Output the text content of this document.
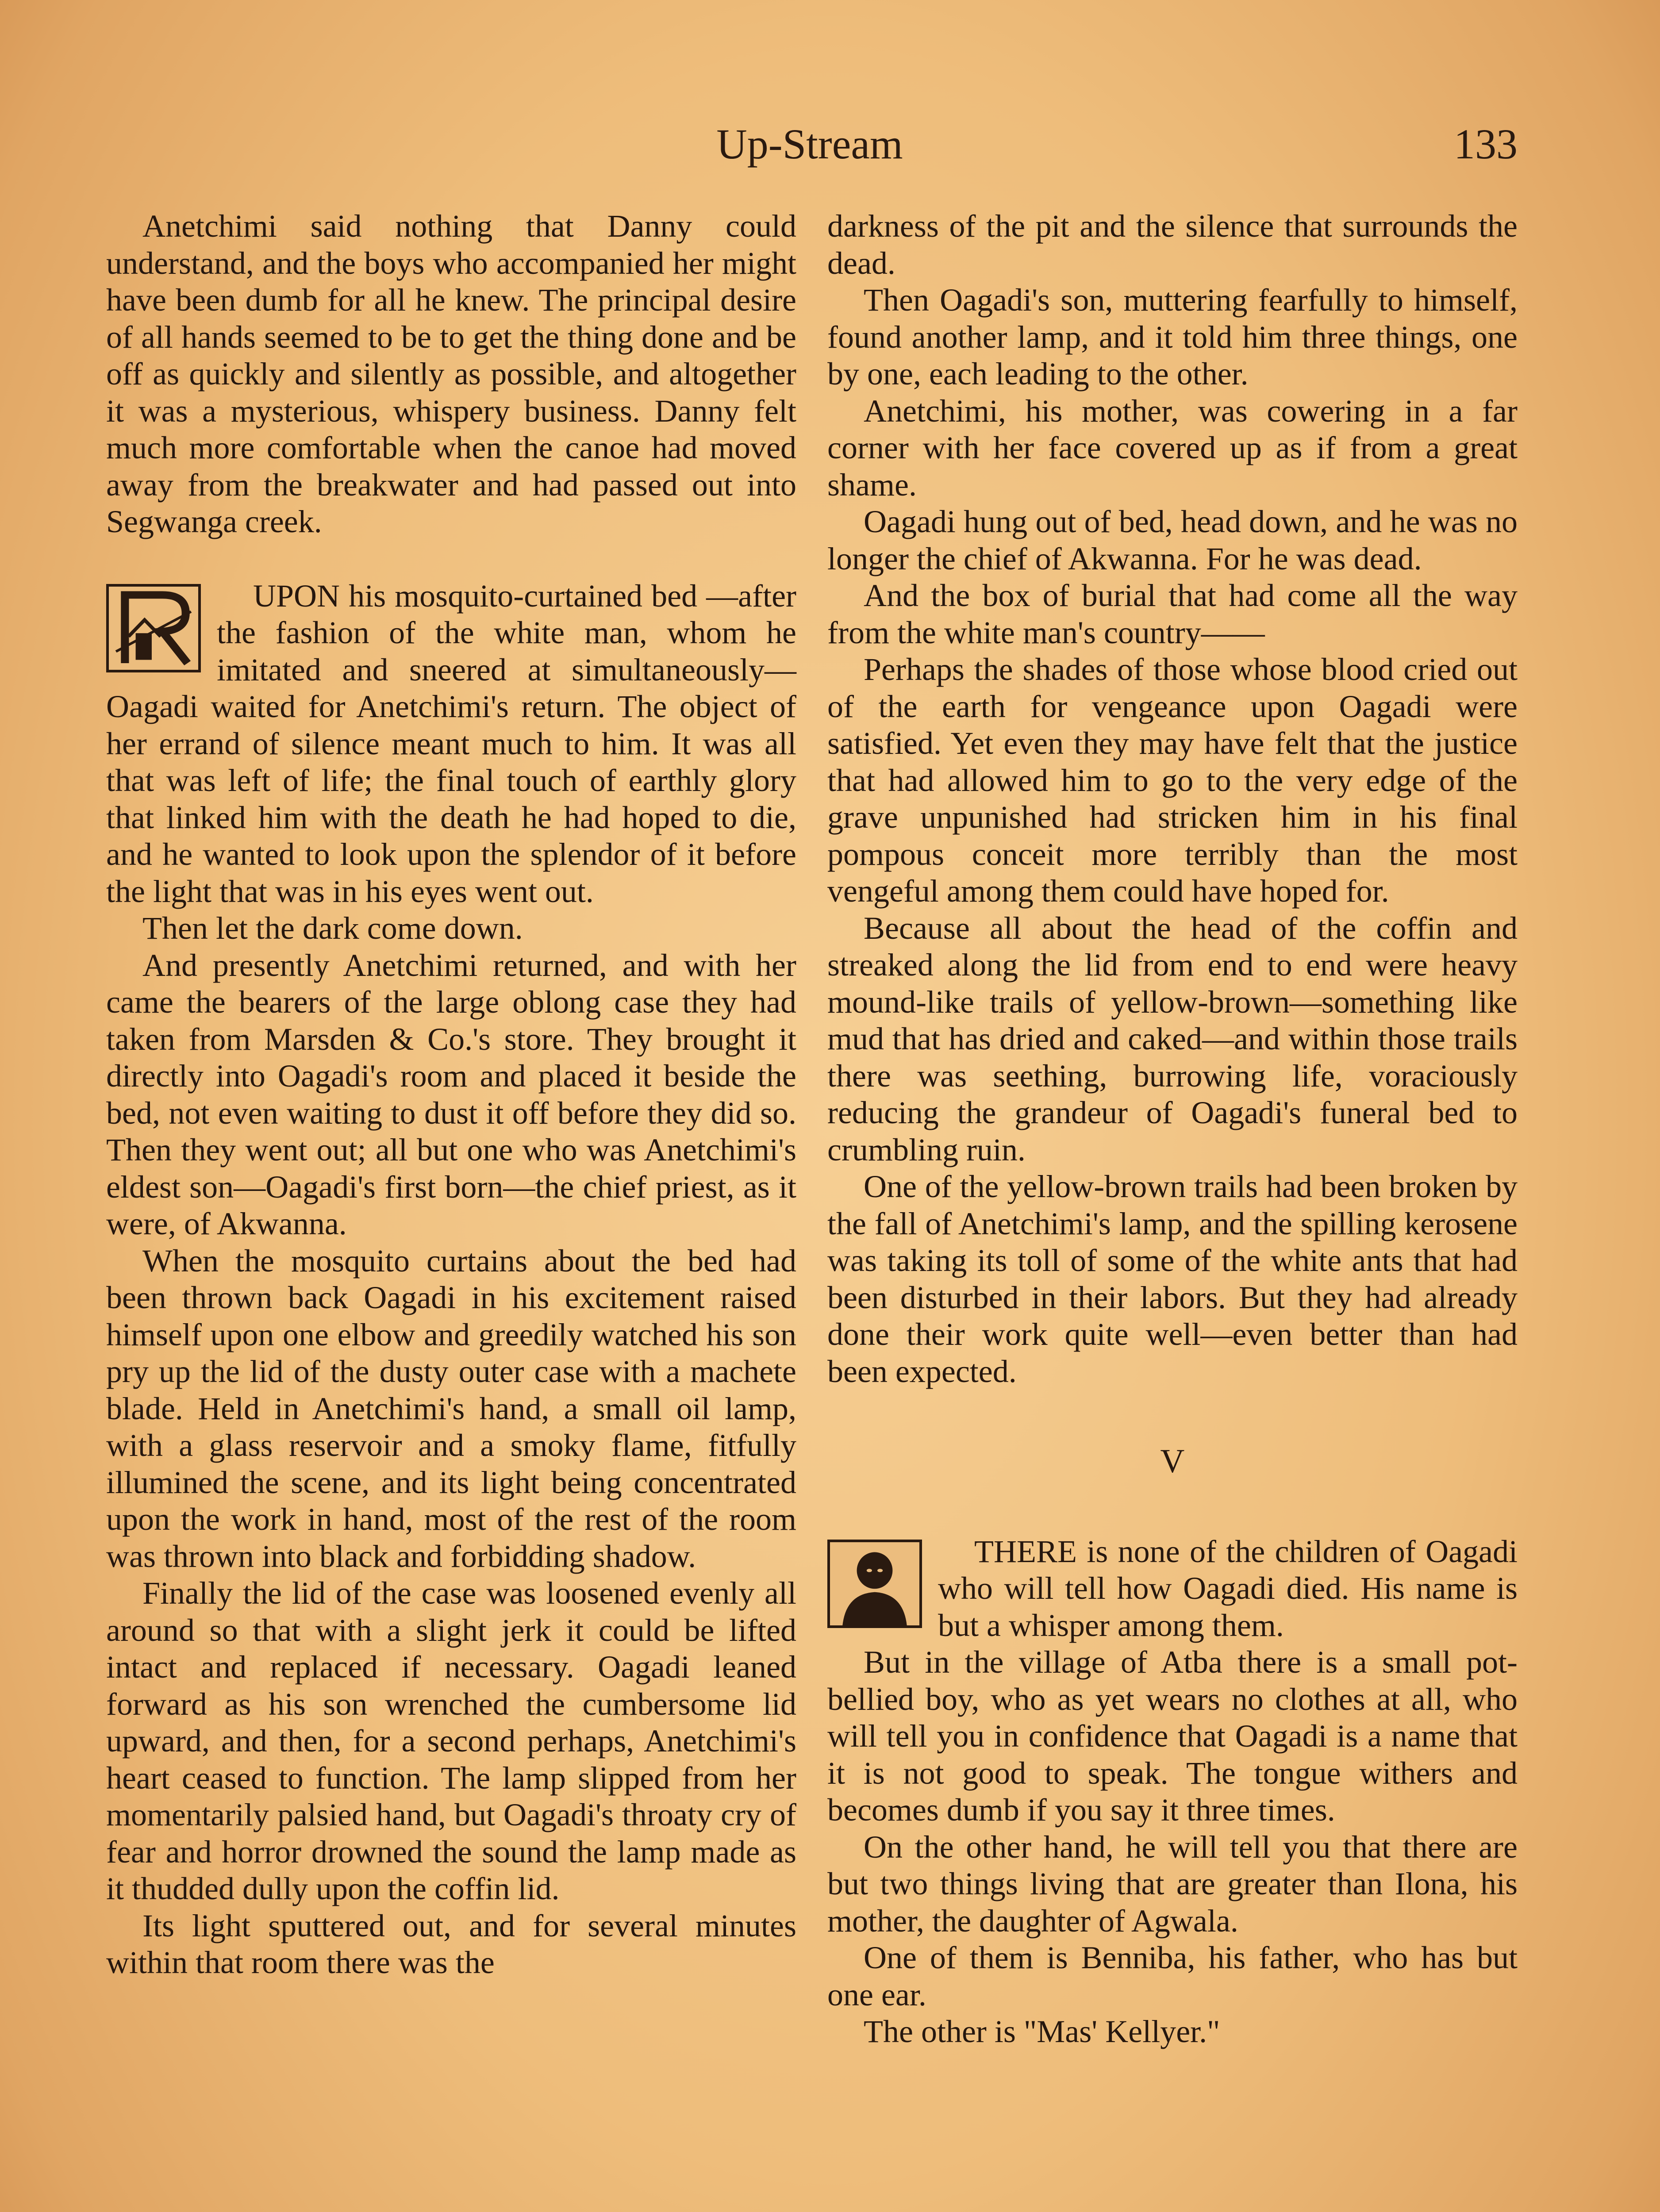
Up-Stream	133

Anetchimi said nothing that Danny could understand, and the boys who accompanied her might have been dumb for all he knew. The principal desire of all hands seemed to be to get the thing done and be off as quickly and silently as possible, and altogether it was a mysterious, whispery business. Danny felt much more comfortable when the canoe had moved away from the breakwater and had passed out into Segwanga creek.

UPON his mosquito-curtained bed —after the fashion of the white man, whom he imitated and sneered at simultaneously—Oagadi waited for Anetchimi's return. The object of her errand of silence meant much to him. It was all that was left of life; the final touch of earthly glory that linked him with the death he had hoped to die, and he wanted to look upon the splendor of it before the light that was in his eyes went out.

Then let the dark come down.

And presently Anetchimi returned, and with her came the bearers of the large oblong case they had taken from Marsden & Co.'s store. They brought it directly into Oagadi's room and placed it beside the bed, not even waiting to dust it off before they did so. Then they went out; all but one who was Anetchimi's eldest son—Oagadi's first born—the chief priest, as it were, of Akwanna.

When the mosquito curtains about the bed had been thrown back Oagadi in his excitement raised himself upon one elbow and greedily watched his son pry up the lid of the dusty outer case with a machete blade. Held in Anetchimi's hand, a small oil lamp, with a glass reservoir and a smoky flame, fitfully illumined the scene, and its light being concentrated upon the work in hand, most of the rest of the room was thrown into black and forbidding shadow.

Finally the lid of the case was loosened evenly all around so that with a slight jerk it could be lifted intact and replaced if necessary. Oagadi leaned forward as his son wrenched the cumbersome lid upward, and then, for a second perhaps, Anetchimi's heart ceased to function. The lamp slipped from her momentarily palsied hand, but Oagadi's throaty cry of fear and horror drowned the sound the lamp made as it thudded dully upon the coffin lid.

Its light sputtered out, and for several minutes within that room there was the

darkness of the pit and the silence that surrounds the dead.

Then Oagadi's son, muttering fearfully to himself, found another lamp, and it told him three things, one by one, each leading to the other.

Anetchimi, his mother, was cowering in a far corner with her face covered up as if from a great shame.

Oagadi hung out of bed, head down, and he was no longer the chief of Akwanna. For he was dead.

And the box of burial that had come all the way from the white man's country——

Perhaps the shades of those whose blood cried out of the earth for vengeance upon Oagadi were satisfied. Yet even they may have felt that the justice that had allowed him to go to the very edge of the grave unpunished had stricken him in his final pompous conceit more terribly than the most vengeful among them could have hoped for.

Because all about the head of the coffin and streaked along the lid from end to end were heavy mound-like trails of yellow-brown—something like mud that has dried and caked—and within those trails there was seething, burrowing life, voraciously reducing the grandeur of Oagadi's funeral bed to crumbling ruin.

One of the yellow-brown trails had been broken by the fall of Anetchimi's lamp, and the spilling kerosene was taking its toll of some of the white ants that had been disturbed in their labors. But they had already done their work quite well—even better than had been expected.

V

THERE is none of the children of Oagadi who will tell how Oagadi died. His name is but a whisper among them.

But in the village of Atba there is a small pot-bellied boy, who as yet wears no clothes at all, who will tell you in confidence that Oagadi is a name that it is not good to speak. The tongue withers and becomes dumb if you say it three times.

On the other hand, he will tell you that there are but two things living that are greater than Ilona, his mother, the daughter of Agwala.

One of them is Benniba, his father, who has but one ear.

The other is "Mas' Kellyer."
